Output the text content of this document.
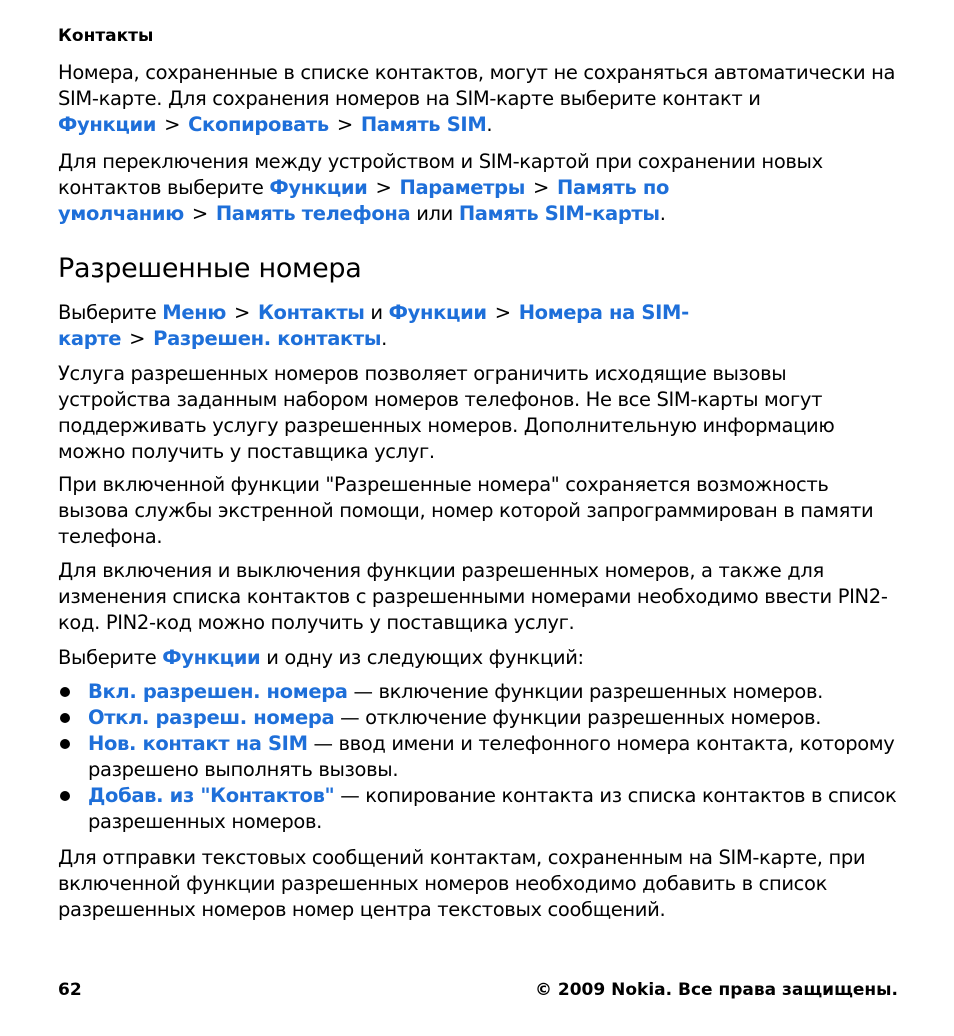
Контакты
Номера, сохраненные в списке контактов, могут не сохраняться автоматически на SIM-карте. Для сохранения номеров на SIM-карте выберите контакт и Функции > Скопировать > Память SIM.
Для переключения между устройством и SIM-картой при сохранении новых контактов выберите Функции > Параметры > Память по умолчанию > Память телефона или Память SIM-карты.
Разрешенные номера
Выберите Меню > Контакты и Функции > Номера на SIM-карте > Разрешен. контакты.
Услуга разрешенных номеров позволяет ограничить исходящие вызовы устройства заданным набором номеров телефонов. Не все SIM-карты могут поддерживать услугу разрешенных номеров. Дополнительную информацию можно получить у поставщика услуг.
При включенной функции "Разрешенные номера" сохраняется возможность вызова службы экстренной помощи, номер которой запрограммирован в памяти телефона.
Для включения и выключения функции разрешенных номеров, а также для изменения списка контактов с разрешенными номерами необходимо ввести PIN2-код. PIN2-код можно получить у поставщика услуг.
Выберите Функции и одну из следующих функций:
Вкл. разрешен. номера — включение функции разрешенных номеров.
Откл. разреш. номера — отключение функции разрешенных номеров.
Нов. контакт на SIM — ввод имени и телефонного номера контакта, которому разрешено выполнять вызовы.
Добав. из "Контактов" — копирование контакта из списка контактов в список разрешенных номеров.
Для отправки текстовых сообщений контактам, сохраненным на SIM-карте, при включенной функции разрешенных номеров необходимо добавить в список разрешенных номеров номер центра текстовых сообщений.
62	© 2009 Nokia. Все права защищены.
